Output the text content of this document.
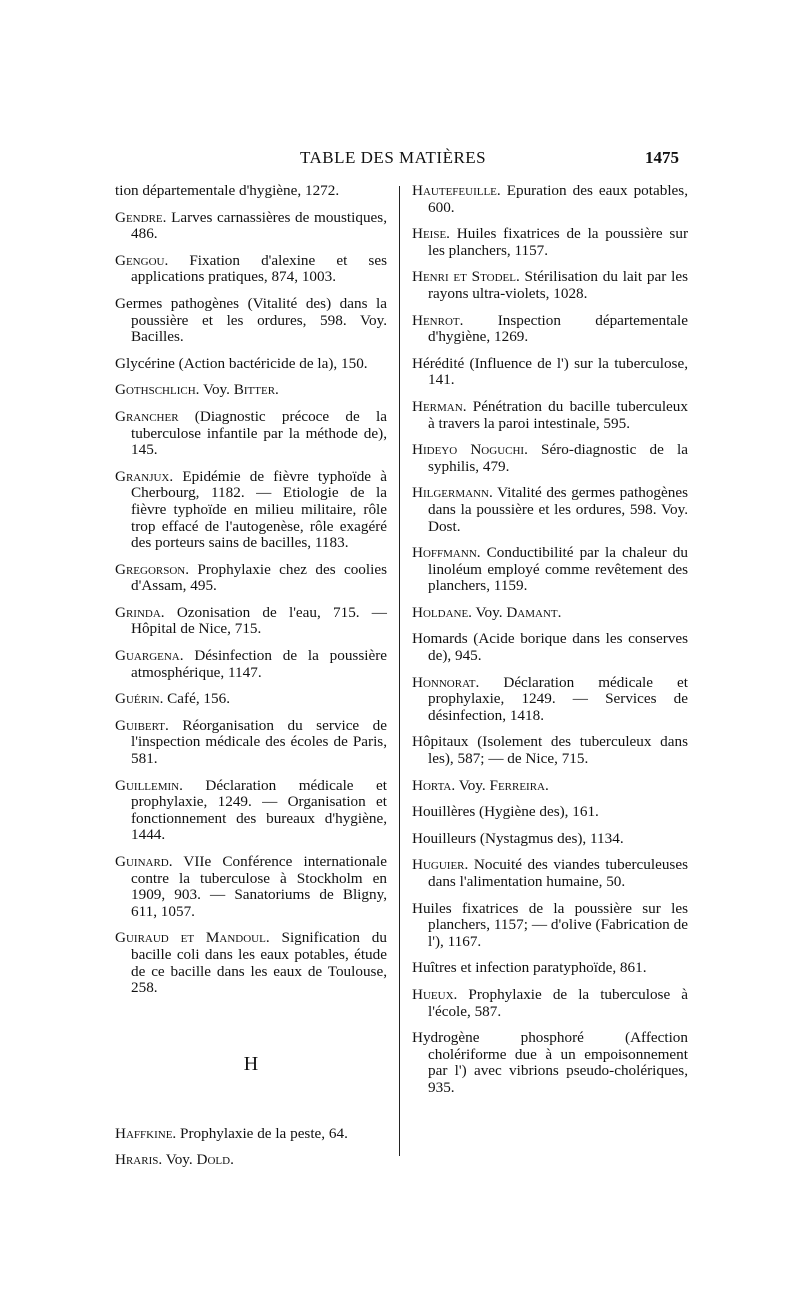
TABLE DES MATIÈRES	1475
tion départementale d'hygiène, 1272.
Gendre. Larves carnassières de moustiques, 486.
Gengou. Fixation d'alexine et ses applications pratiques, 874, 1003.
Germes pathogènes (Vitalité des) dans la poussière et les ordures, 598. Voy. Bacilles.
Glycérine (Action bactéricide de la), 150.
Gothschlich. Voy. Bitter.
Grancher (Diagnostic précoce de la tuberculose infantile par la méthode de), 145.
Granjux. Epidémie de fièvre typhoïde à Cherbourg, 1182. — Etiologie de la fièvre typhoïde en milieu militaire, rôle trop effacé de l'autogenèse, rôle exagéré des porteurs sains de bacilles, 1183.
Gregorson. Prophylaxie chez des coolies d'Assam, 495.
Grinda. Ozonisation de l'eau, 715. — Hôpital de Nice, 715.
Guargena. Désinfection de la poussière atmosphérique, 1147.
Guérin. Café, 156.
Guibert. Réorganisation du service de l'inspection médicale des écoles de Paris, 581.
Guillemin. Déclaration médicale et prophylaxie, 1249. — Organisation et fonctionnement des bureaux d'hygiène, 1444.
Guinard. VIIe Conférence internationale contre la tuberculose à Stockholm en 1909, 903. — Sanatoriums de Bligny, 611, 1057.
Guiraud et Mandoul. Signification du bacille coli dans les eaux potables, étude de ce bacille dans les eaux de Toulouse, 258.
H
Haffkine. Prophylaxie de la peste, 64.
Hraris. Voy. Dold.
Hautefeuille. Epuration des eaux potables, 600.
Heise. Huiles fixatrices de la poussière sur les planchers, 1157.
Henri et Stodel. Stérilisation du lait par les rayons ultra-violets, 1028.
Henrot. Inspection départementale d'hygiène, 1269.
Hérédité (Influence de l') sur la tuberculose, 141.
Herman. Pénétration du bacille tuberculeux à travers la paroi intestinale, 595.
Hideyo Noguchi. Séro-diagnostic de la syphilis, 479.
Hilgermann. Vitalité des germes pathogènes dans la poussière et les ordures, 598. Voy. Dost.
Hoffmann. Conductibilité par la chaleur du linoléum employé comme revêtement des planchers, 1159.
Holdane. Voy. Damant.
Homards (Acide borique dans les conserves de), 945.
Honnorat. Déclaration médicale et prophylaxie, 1249. — Services de désinfection, 1418.
Hôpitaux (Isolement des tuberculeux dans les), 587; — de Nice, 715.
Horta. Voy. Ferreira.
Houillères (Hygiène des), 161.
Houilleurs (Nystagmus des), 1134.
Huguier. Nocuité des viandes tuberculeuses dans l'alimentation humaine, 50.
Huiles fixatrices de la poussière sur les planchers, 1157; — d'olive (Fabrication de l'), 1167.
Huîtres et infection paratyphoïde, 861.
Hueux. Prophylaxie de la tuberculose à l'école, 587.
Hydrogène phosphoré (Affection cholériforme due à un empoisonnement par l') avec vibrions pseudo-cholériques, 935.
